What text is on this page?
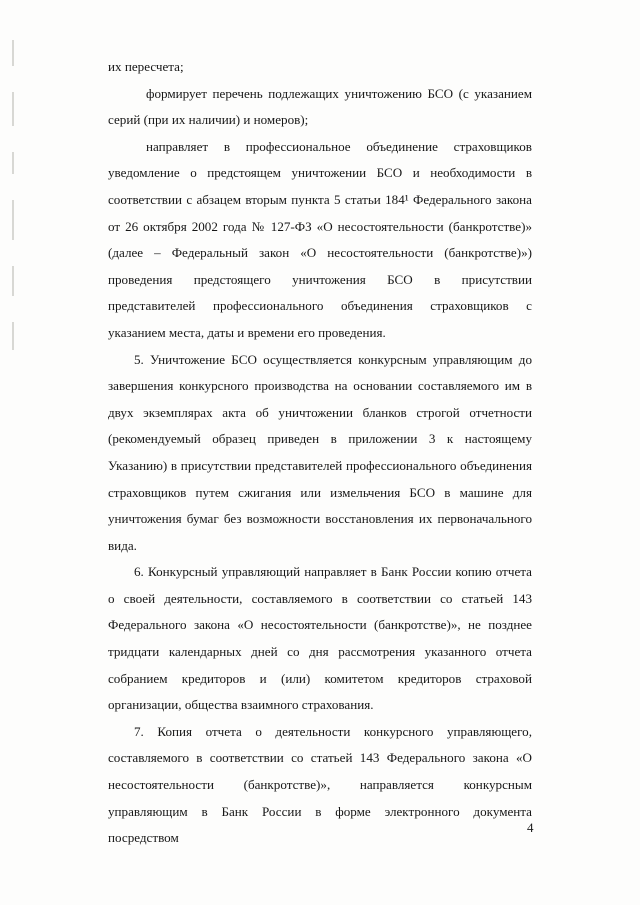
их пересчета;

формирует перечень подлежащих уничтожению БСО (с указанием серий (при их наличии) и номеров);

направляет в профессиональное объединение страховщиков уведомление о предстоящем уничтожении БСО и необходимости в соответствии с абзацем вторым пункта 5 статьи 184¹ Федерального закона от 26 октября 2002 года № 127-ФЗ «О несостоятельности (банкротстве)» (далее – Федеральный закон «О несостоятельности (банкротстве)») проведения предстоящего уничтожения БСО в присутствии представителей профессионального объединения страховщиков с указанием места, даты и времени его проведения.

5. Уничтожение БСО осуществляется конкурсным управляющим до завершения конкурсного производства на основании составляемого им в двух экземплярах акта об уничтожении бланков строгой отчетности (рекомендуемый образец приведен в приложении 3 к настоящему Указанию) в присутствии представителей профессионального объединения страховщиков путем сжигания или измельчения БСО в машине для уничтожения бумаг без возможности восстановления их первоначального вида.

6. Конкурсный управляющий направляет в Банк России копию отчета о своей деятельности, составляемого в соответствии со статьей 143 Федерального закона «О несостоятельности (банкротстве)», не позднее тридцати календарных дней со дня рассмотрения указанного отчета собранием кредиторов и (или) комитетом кредиторов страховой организации, общества взаимного страхования.

7. Копия отчета о деятельности конкурсного управляющего, составляемого в соответствии со статьей 143 Федерального закона «О несостоятельности (банкротстве)», направляется конкурсным управляющим в Банк России в форме электронного документа посредством

4
